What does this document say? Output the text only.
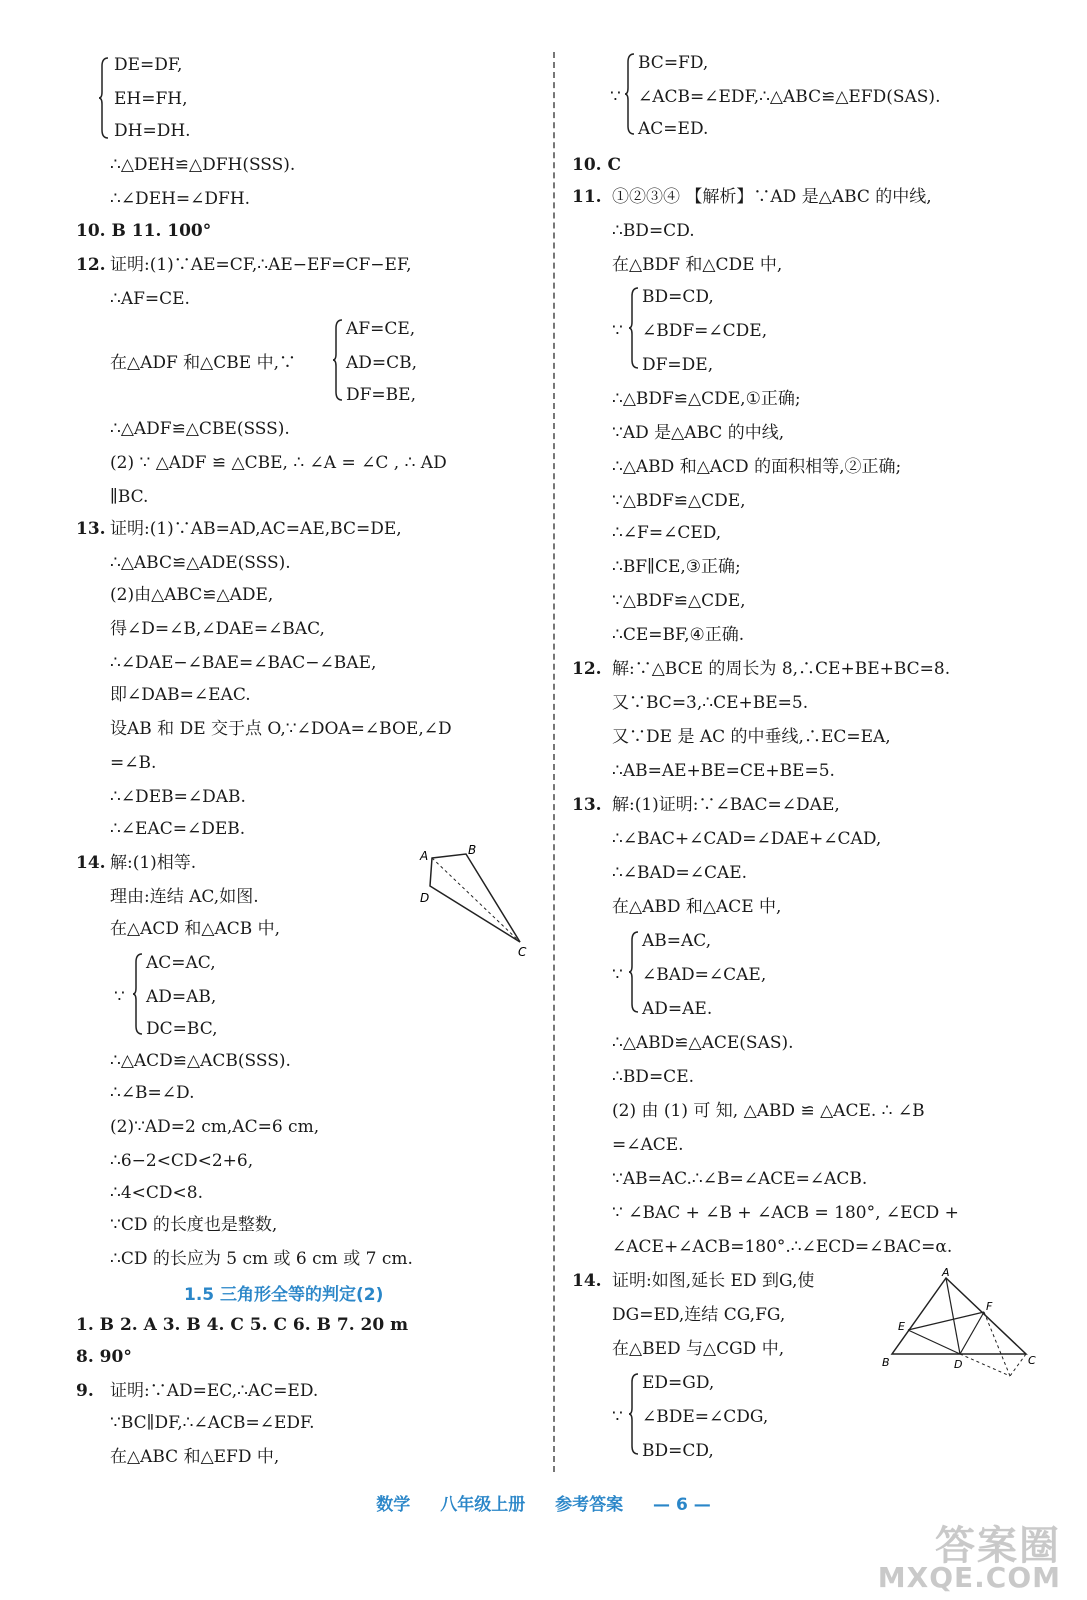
DE=DF,
EH=FH,
DH=DH.
∴△DEH≌△DFH(SSS).
∴∠DEH=∠DFH.
10. B 11. 100°
12. 证明:(1)∵AE=CF,∴AE−EF=CF−EF,
∴AF=CE.
在△ADF 和△CBE 中,∵
AF=CE,
AD=CB,
DF=BE,
∴△ADF≌△CBE(SSS).
(2) ∵ △ADF ≌ △CBE, ∴ ∠A = ∠C , ∴ AD
∥BC.
13. 证明:(1)∵AB=AD,AC=AE,BC=DE,
∴△ABC≌△ADE(SSS).
(2)由△ABC≌△ADE,
得∠D=∠B,∠DAE=∠BAC,
∴∠DAE−∠BAE=∠BAC−∠BAE,
即∠DAB=∠EAC.
设AB 和 DE 交于点 O,∵∠DOA=∠BOE,∠D
=∠B.
∴∠DEB=∠DAB.
∴∠EAC=∠DEB.
14. 解:(1)相等.
理由:连结 AC,如图.
在△ACD 和△ACB 中,
∵
AC=AC,
AD=AB,
DC=BC,
∴△ACD≌△ACB(SSS).
∴∠B=∠D.
(2)∵AD=2 cm,AC=6 cm,
∴6−2<CD<2+6,
∴4<CD<8.
∵CD 的长度也是整数,
∴CD 的长应为 5 cm 或 6 cm 或 7 cm.
A	B
C
D
1.5 三角形全等的判定(2)
1. B 2. A 3. B 4. C 5. C 6. B 7. 20 m
8. 90°
9. 证明:∵AD=EC,∴AC=ED.
∵BC∥DF,∴∠ACB=∠EDF.
在△ABC 和△EFD 中,
∵
BC=FD,
∠ACB=∠EDF,∴△ABC≌△EFD(SAS).
AC=ED.
10. C
11. ①②③④ 【解析】∵AD 是△ABC 的中线,
∴BD=CD.
在△BDF 和△CDE 中,
∵
BD=CD,
∠BDF=∠CDE,
DF=DE,
∴△BDF≌△CDE,①正确;
∵AD 是△ABC 的中线,
∴△ABD 和△ACD 的面积相等,②正确;
∵△BDF≌△CDE,
∴∠F=∠CED,
∴BF∥CE,③正确;
∵△BDF≌△CDE,
∴CE=BF,④正确.
12. 解:∵△BCE 的周长为 8,∴CE+BE+BC=8.
又∵BC=3,∴CE+BE=5.
又∵DE 是 AC 的中垂线,∴EC=EA,
∴AB=AE+BE=CE+BE=5.
13. 解:(1)证明:∵∠BAC=∠DAE,
∴∠BAC+∠CAD=∠DAE+∠CAD,
∴∠BAD=∠CAE.
在△ABD 和△ACE 中,
∵
AB=AC,
∠BAD=∠CAE,
AD=AE.
∴△ABD≌△ACE(SAS).
∴BD=CE.
(2) 由 (1) 可 知, △ABD ≌ △ACE. ∴ ∠B
=∠ACE.
∵AB=AC.∴∠B=∠ACE=∠ACB.
∵ ∠BAC + ∠B + ∠ACB = 180°, ∠ECD +
∠ACE+∠ACB=180°.∴∠ECD=∠BAC=α.
14. 证明:如图,延长 ED 到G,使
DG=ED,连结 CG,FG,
在△BED 与△CGD 中,
∵
ED=GD,
∠BDE=∠CDG,
BD=CD,
A
B	C
D
E
F
数学 八年级上册 参考答案 — 6 —
答案圈
MXQE.COM
